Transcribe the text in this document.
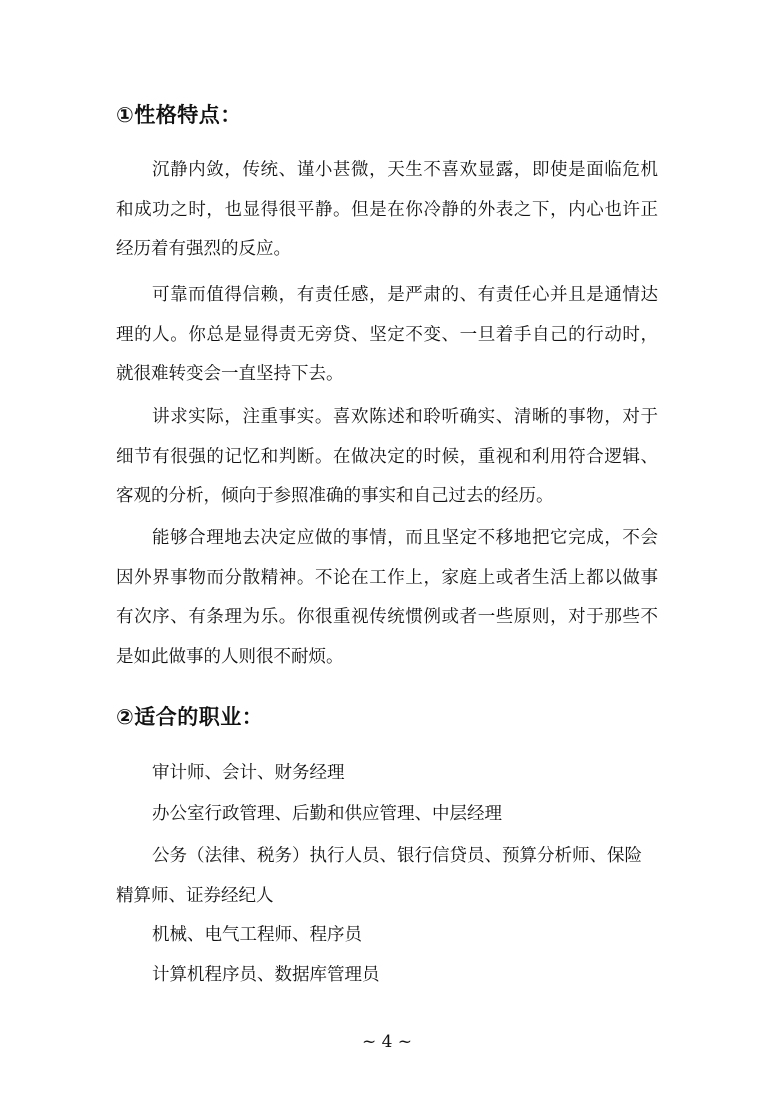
①性格特点：

沉静内敛，传统、谨小甚微，天生不喜欢显露，即使是面临危机和成功之时，也显得很平静。但是在你冷静的外表之下，内心也许正经历着有强烈的反应。

可靠而值得信赖，有责任感，是严肃的、有责任心并且是通情达理的人。你总是显得责无旁贷、坚定不变、一旦着手自己的行动时，就很难转变会一直坚持下去。

讲求实际，注重事实。喜欢陈述和聆听确实、清晰的事物，对于细节有很强的记忆和判断。在做决定的时候，重视和利用符合逻辑、客观的分析，倾向于参照准确的事实和自己过去的经历。

能够合理地去决定应做的事情，而且坚定不移地把它完成，不会因外界事物而分散精神。不论在工作上，家庭上或者生活上都以做事有次序、有条理为乐。你很重视传统惯例或者一些原则，对于那些不是如此做事的人则很不耐烦。

②适合的职业：

审计师、会计、财务经理

办公室行政管理、后勤和供应管理、中层经理

公务（法律、税务）执行人员、银行信贷员、预算分析师、保险精算师、证券经纪人

机械、电气工程师、程序员

计算机程序员、数据库管理员

~ 4 ~
